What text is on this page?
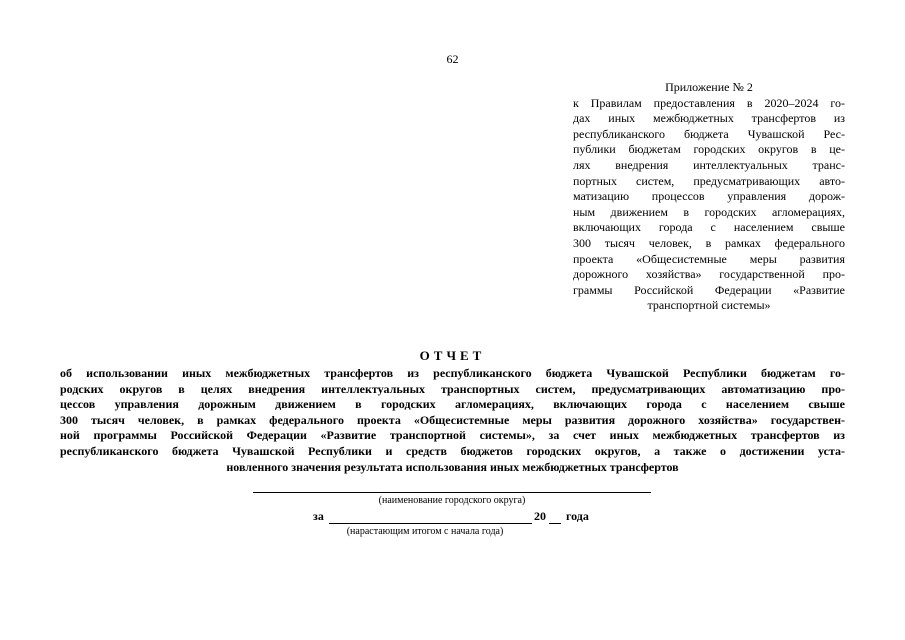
62
Приложение № 2
к Правилам предоставления в 2020–2024 го-
дах иных межбюджетных трансфертов из
республиканского бюджета Чувашской Рес-
публики бюджетам городских округов в це-
лях внедрения интеллектуальных транс-
портных систем, предусматривающих авто-
матизацию процессов управления дорож-
ным движением в городских агломерациях,
включающих города с населением свыше
300 тысяч человек, в рамках федерального
проекта «Общесистемные меры развития
дорожного хозяйства» государственной про-
граммы Российской Федерации «Развитие
транспортной системы»
ОТЧЕТ
об использовании иных межбюджетных трансфертов из республиканского бюджета Чувашской Республики бюджетам го-
родских округов в целях внедрения интеллектуальных транспортных систем, предусматривающих автоматизацию про-
цессов управления дорожным движением в городских агломерациях, включающих города с населением свыше
300 тысяч человек, в рамках федерального проекта «Общесистемные меры развития дорожного хозяйства» государствен-
ной программы Российской Федерации «Развитие транспортной системы», за счет иных межбюджетных трансфертов из
республиканского бюджета Чувашской Республики и средств бюджетов городских округов, а также о достижении уста-
новленного значения результата использования иных межбюджетных трансфертов
(наименование городского округа)
за	20 года
(нарастающим итогом с начала года)
